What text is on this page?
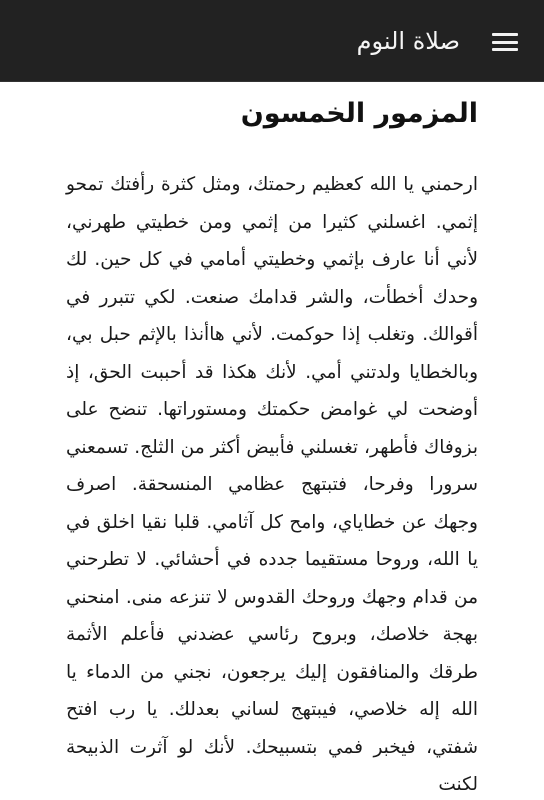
صلاة النوم
المزمور الخمسون
ارحمني يا الله كعظيم رحمتك، ومثل كثرة رأفتك تمحو إثمي. اغسلني كثيرا من إثمي ومن خطيتي طهرني، لأني أنا عارف بإثمي وخطيتي أمامي في كل حين. لك وحدك أخطأت، والشر قدامك صنعت. لكي تتبرر في أقوالك. وتغلب إذا حوكمت. لأني هاأنذا بالإثم حبل بي، وبالخطايا ولدتني أمي. لأنك هكذا قد أحببت الحق، إذ أوضحت لي غوامض حكمتك ومستوراتها. تنضح على بزوفاك فأطهر، تغسلني فأبيض أكثر من الثلج. تسمعني سرورا وفرحا، فتبتهج عظامي المنسحقة. اصرف وجهك عن خطاياي، وامح كل آثامي. قلبا نقيا اخلق في يا الله، وروحا مستقيما جدده في أحشائي. لا تطرحني من قدام وجهك وروحك القدوس لا تنزعه منى. امنحني بهجة خلاصك، وبروح رئاسي عضدني فأعلم الأثمة طرقك والمنافقون إليك يرجعون، نجني من الدماء يا الله إله خلاصي، فيبتهج لساني بعدلك. يا رب افتح شفتي، فيخبر فمي بتسبيحك. لأنك لو آثرت الذبيحة لكنت
